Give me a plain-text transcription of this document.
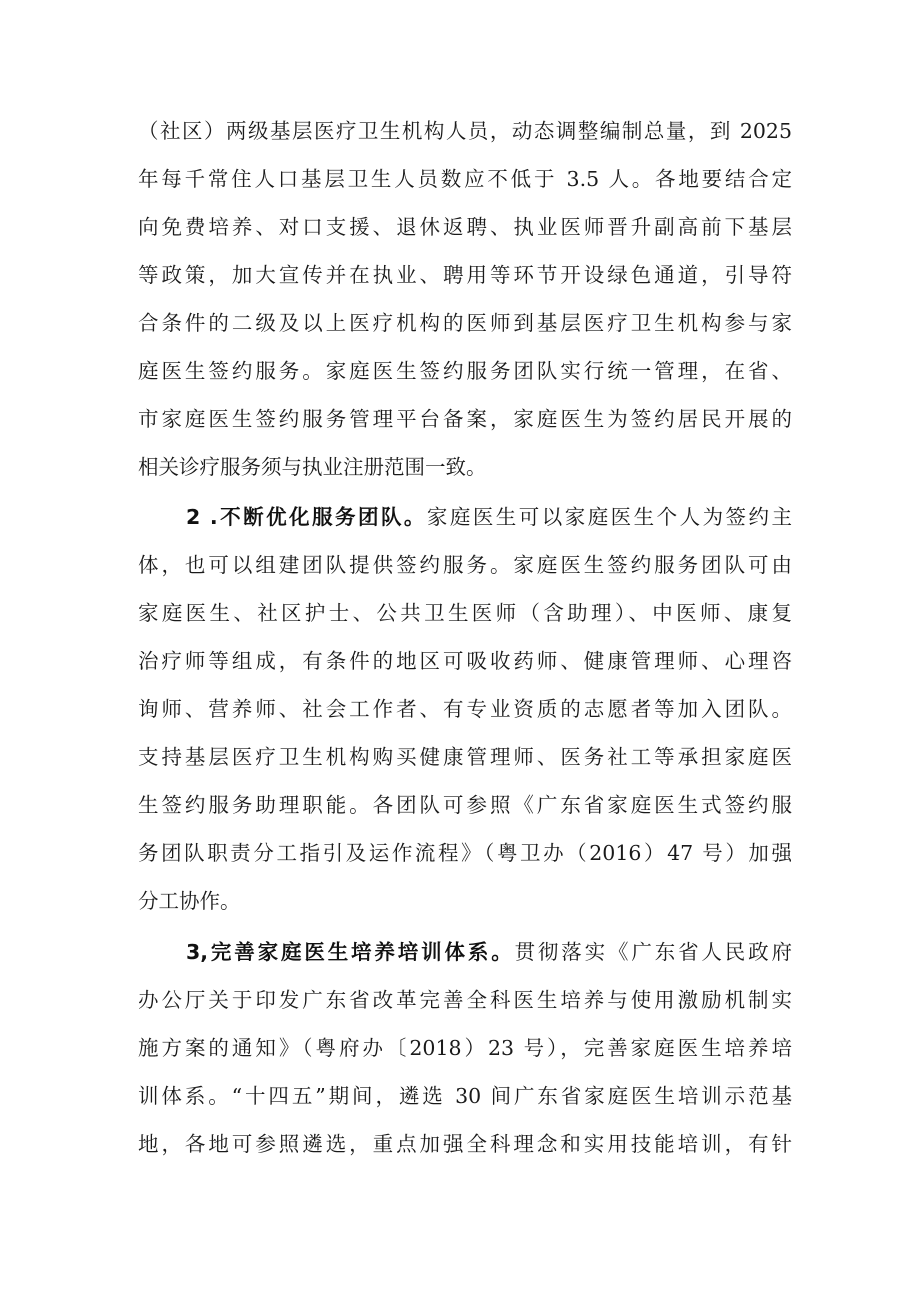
（社区）两级基层医疗卫生机构人员，动态调整编制总量，到 2025
年每千常住人口基层卫生人员数应不低于 3.5 人。各地要结合定
向免费培养、对口支援、退休返聘、执业医师晋升副高前下基层
等政策，加大宣传并在执业、聘用等环节开设绿色通道，引导符
合条件的二级及以上医疗机构的医师到基层医疗卫生机构参与家
庭医生签约服务。家庭医生签约服务团队实行统一管理，在省、
市家庭医生签约服务管理平台备案，家庭医生为签约居民开展的
相关诊疗服务须与执业注册范围一致。
2 .不断优化服务团队。家庭医生可以家庭医生个人为签约主
体，也可以组建团队提供签约服务。家庭医生签约服务团队可由
家庭医生、社区护士、公共卫生医师（含助理）、中医师、康复
治疗师等组成，有条件的地区可吸收药师、健康管理师、心理咨
询师、营养师、社会工作者、有专业资质的志愿者等加入团队。
支持基层医疗卫生机构购买健康管理师、医务社工等承担家庭医
生签约服务助理职能。各团队可参照《广东省家庭医生式签约服
务团队职责分工指引及运作流程》（粤卫办（2016）47 号）加强
分工协作。
3,完善家庭医生培养培训体系。贯彻落实《广东省人民政府
办公厅关于印发广东省改革完善全科医生培养与使用激励机制实
施方案的通知》（粤府办〔2018）23 号），完善家庭医生培养培
训体系。“十四五”期间，遴选 30 间广东省家庭医生培训示范基
地，各地可参照遴选，重点加强全科理念和实用技能培训，有针
